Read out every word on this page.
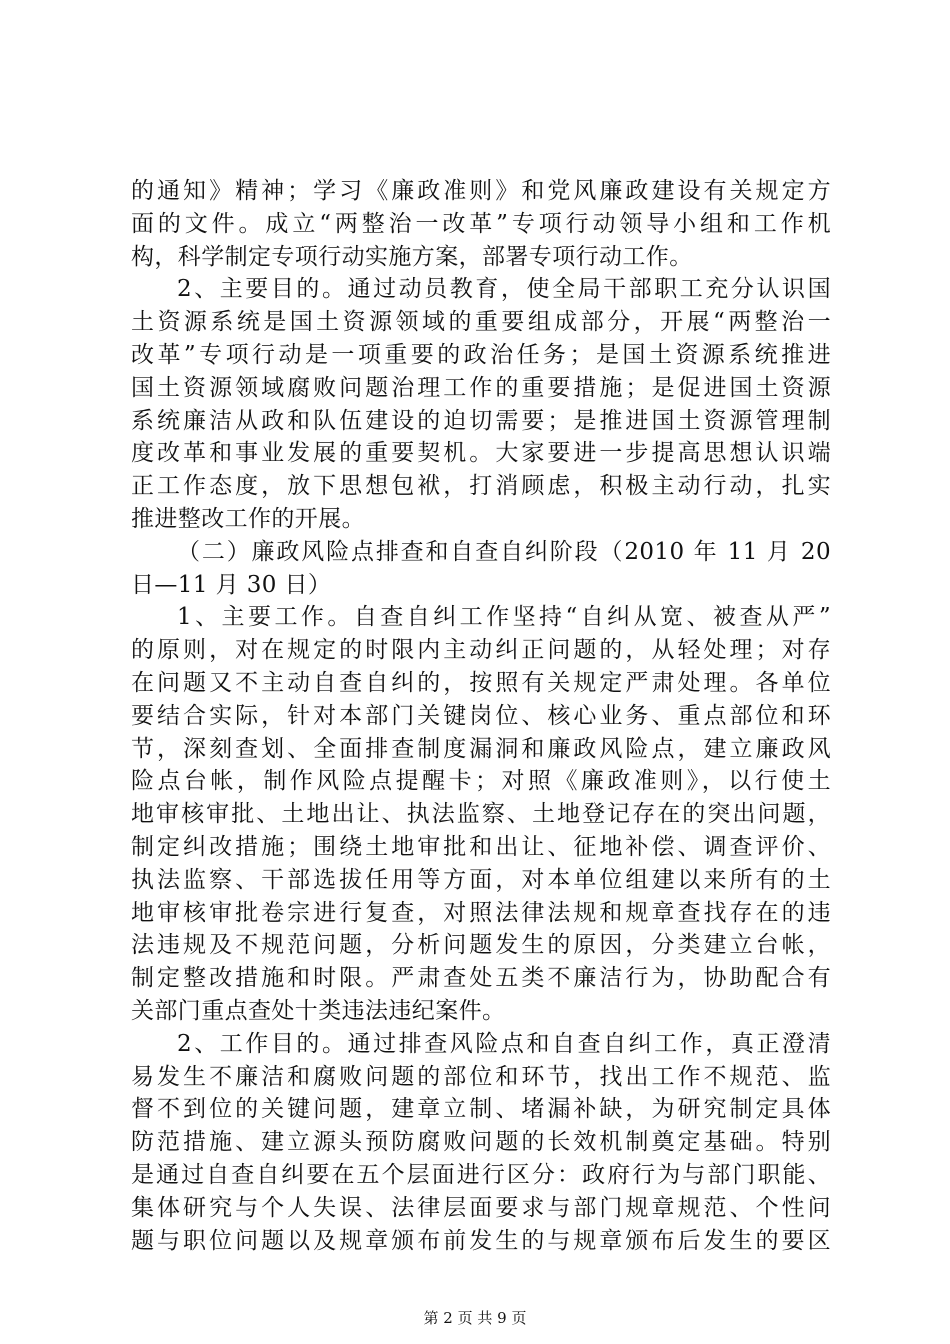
的通知》精神；学习《廉政准则》和党风廉政建设有关规定方
面的文件。成立“两整治一改革”专项行动领导小组和工作机
构，科学制定专项行动实施方案，部署专项行动工作。
2、主要目的。通过动员教育，使全局干部职工充分认识国
土资源系统是国土资源领域的重要组成部分，开展“两整治一
改革”专项行动是一项重要的政治任务；是国土资源系统推进
国土资源领域腐败问题治理工作的重要措施；是促进国土资源
系统廉洁从政和队伍建设的迫切需要；是推进国土资源管理制
度改革和事业发展的重要契机。大家要进一步提高思想认识端
正工作态度，放下思想包袱，打消顾虑，积极主动行动，扎实
推进整改工作的开展。
（二）廉政风险点排查和自查自纠阶段（2010 年 11 月 20
日—11 月 30 日）
1、主要工作。自查自纠工作坚持“自纠从宽、被查从严”
的原则，对在规定的时限内主动纠正问题的，从轻处理；对存
在问题又不主动自查自纠的，按照有关规定严肃处理。各单位
要结合实际，针对本部门关键岗位、核心业务、重点部位和环
节，深刻查划、全面排查制度漏洞和廉政风险点，建立廉政风
险点台帐，制作风险点提醒卡；对照《廉政准则》，以行使土
地审核审批、土地出让、执法监察、土地登记存在的突出问题，
制定纠改措施；围绕土地审批和出让、征地补偿、调查评价、
执法监察、干部选拔任用等方面，对本单位组建以来所有的土
地审核审批卷宗进行复查，对照法律法规和规章查找存在的违
法违规及不规范问题，分析问题发生的原因，分类建立台帐，
制定整改措施和时限。严肃查处五类不廉洁行为，协助配合有
关部门重点查处十类违法违纪案件。
2、工作目的。通过排查风险点和自查自纠工作，真正澄清
易发生不廉洁和腐败问题的部位和环节，找出工作不规范、监
督不到位的关键问题，建章立制、堵漏补缺，为研究制定具体
防范措施、建立源头预防腐败问题的长效机制奠定基础。特别
是通过自查自纠要在五个层面进行区分：政府行为与部门职能、
集体研究与个人失误、法律层面要求与部门规章规范、个性问
题与职位问题以及规章颁布前发生的与规章颁布后发生的要区
第 2 页 共 9 页
